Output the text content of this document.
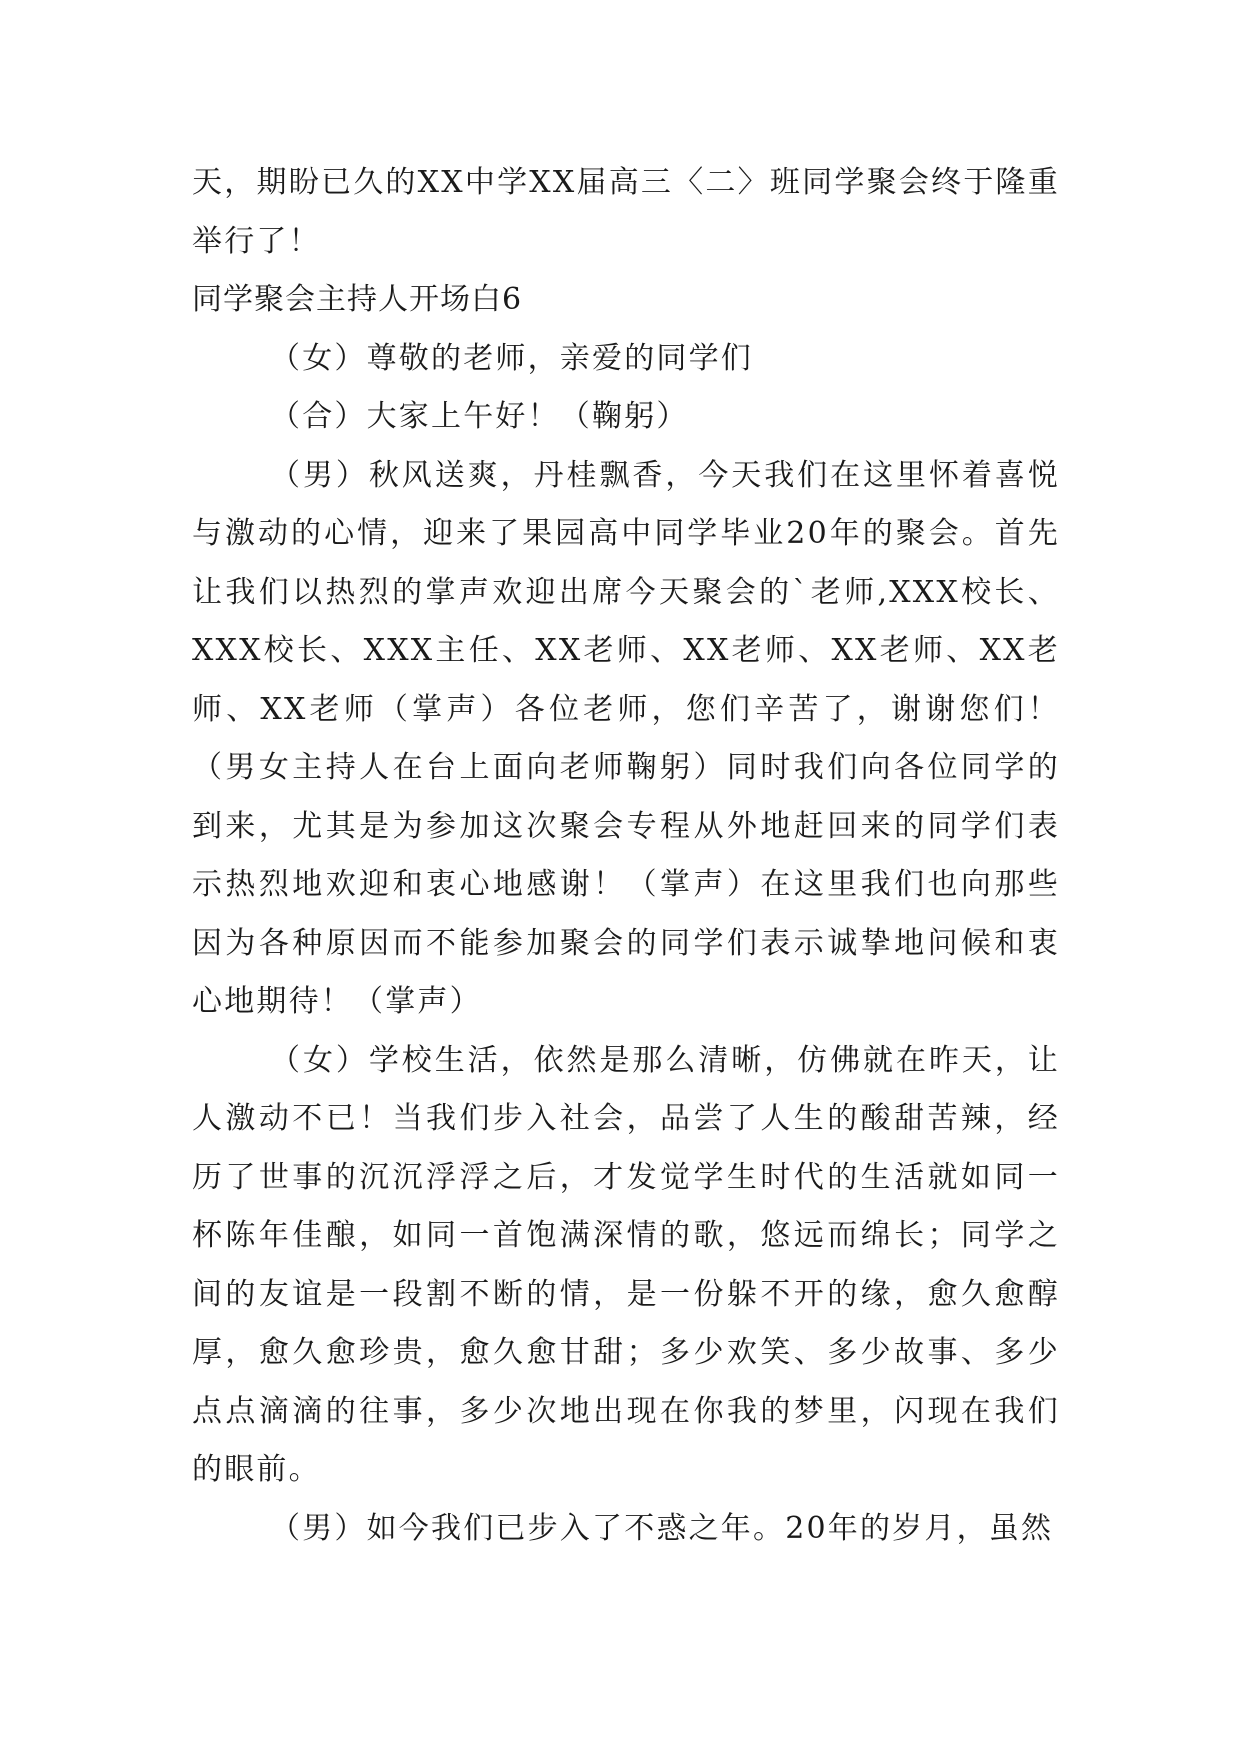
天，期盼已久的XX中学XX届高三〈二〉班同学聚会终于隆重举行了！

同学聚会主持人开场白6

（女）尊敬的老师，亲爱的同学们

（合）大家上午好！（鞠躬）

（男）秋风送爽，丹桂飘香，今天我们在这里怀着喜悦与激动的心情，迎来了果园高中同学毕业20年的聚会。首先让我们以热烈的掌声欢迎出席今天聚会的`老师,XXX校长、XXX校长、XXX主任、XX老师、XX老师、XX老师、XX老师、XX老师（掌声）各位老师，您们辛苦了，谢谢您们！（男女主持人在台上面向老师鞠躬）同时我们向各位同学的到来，尤其是为参加这次聚会专程从外地赶回来的同学们表示热烈地欢迎和衷心地感谢！（掌声）在这里我们也向那些因为各种原因而不能参加聚会的同学们表示诚挚地问候和衷心地期待！（掌声）

（女）学校生活，依然是那么清晰，仿佛就在昨天，让人激动不已！当我们步入社会，品尝了人生的酸甜苦辣，经历了世事的沉沉浮浮之后，才发觉学生时代的生活就如同一杯陈年佳酿，如同一首饱满深情的歌，悠远而绵长；同学之间的友谊是一段割不断的情，是一份躲不开的缘，愈久愈醇厚，愈久愈珍贵，愈久愈甘甜；多少欢笑、多少故事、多少点点滴滴的往事，多少次地出现在你我的梦里，闪现在我们的眼前。

（男）如今我们已步入了不惑之年。20年的岁月，虽然
